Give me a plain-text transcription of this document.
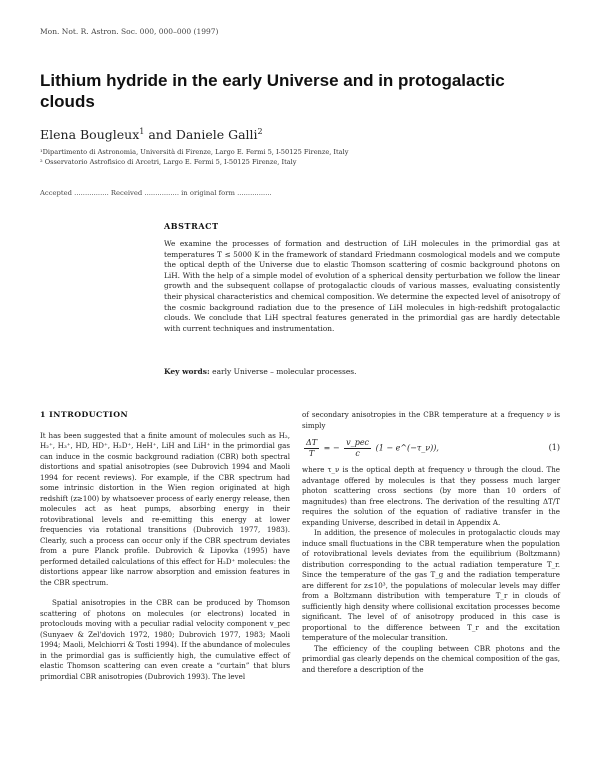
Mon. Not. R. Astron. Soc. 000, 000–000 (1997)
Lithium hydride in the early Universe and in protogalactic clouds
Elena Bougleux$^1$ and Daniele Galli$^2$
¹Dipartimento di Astronomia, Università di Firenze, Largo E. Fermi 5, I-50125 Firenze, Italy
² Osservatorio Astrofisico di Arcetri, Largo E. Fermi 5, I-50125 Firenze, Italy
Accepted ................ Received ................ in original form ................
ABSTRACT

We examine the processes of formation and destruction of LiH molecules in the primordial gas at temperatures T ≤ 5000 K in the framework of standard Friedmann cosmological models and we compute the optical depth of the Universe due to elastic Thomson scattering of cosmic background photons on LiH. With the help of a simple model of evolution of a spherical density perturbation we follow the linear growth and the subsequent collapse of protogalactic clouds of various masses, evaluating consistently their physical characteristics and chemical composition. We determine the expected level of anisotropy of the cosmic background radiation due to the presence of LiH molecules in high-redshift protogalactic clouds. We conclude that LiH spectral features generated in the primordial gas are hardly detectable with current techniques and instrumentation.

Key words: early Universe – molecular processes.
1 INTRODUCTION

It has been suggested that a finite amount of molecules such as H₂, H₂⁺, H₃⁺, HD, HD⁺, H₂D⁺, HeH⁺, LiH and LiH⁺ in the primordial gas can induce in the cosmic background radiation (CBR) both spectral distortions and spatial anisotropies (see Dubrovich 1994 and Maoli 1994 for recent reviews). For example, if the CBR spectrum had some intrinsic distortion in the Wien region originated at high redshift (z≥100) by whatsoever process of early energy release, then molecules act as heat pumps, absorbing energy in their rotovibrational levels and re-emitting this energy at lower frequencies via rotational transitions (Dubrovich 1977, 1983). Clearly, such a process can occur only if the CBR spectrum deviates from a pure Planck profile. Dubrovich & Lipovka (1995) have performed detailed calculations of this effect for H₂D⁺ molecules: the distortions appear like narrow absorption and emission features in the CBR spectrum.

Spatial anisotropies in the CBR can be produced by Thomson scattering of photons on molecules (or electrons) located in protoclouds moving with a peculiar radial velocity component v_pec (Sunyaev & Zel'dovich 1972, 1980; Dubrovich 1977, 1983; Maoli 1994; Maoli, Melchiorri & Tosti 1994). If the abundance of molecules in the primordial gas is sufficiently high, the cumulative effect of elastic Thomson scattering can even create a “curtain” that blurs primordial CBR anisotropies (Dubrovich 1993). The level

of secondary anisotropies in the CBR temperature at a frequency ν is simply

$\frac{\Delta T}{T}$ = − $\frac{\text{v\_pec}}{c} (1$ − e^(−τ_ν)),	(1)

where τ_ν is the optical depth at frequency ν through the cloud. The advantage offered by molecules is that they possess much larger photon scattering cross sections (by more than 10 orders of magnitudes) than free electrons. The derivation of the resulting ΔT/T requires the solution of the equation of radiative transfer in the expanding Universe, described in detail in Appendix A.

In addition, the presence of molecules in protogalactic clouds may induce small fluctuations in the CBR temperature when the population of rotovibrational levels deviates from the equilibrium (Boltzmann) distribution corresponding to the actual radiation temperature T_r. Since the temperature of the gas T_g and the radiation temperature are different for z≤10³, the populations of molecular levels may differ from a Boltzmann distribution with temperature T_r in clouds of sufficiently high density where collisional excitation processes become significant. The level of of anisotropy produced in this case is proportional to the difference between T_r and the excitation temperature of the molecular transition.

The efficiency of the coupling between CBR photons and the primordial gas clearly depends on the chemical composition of the gas, and therefore a description of the
